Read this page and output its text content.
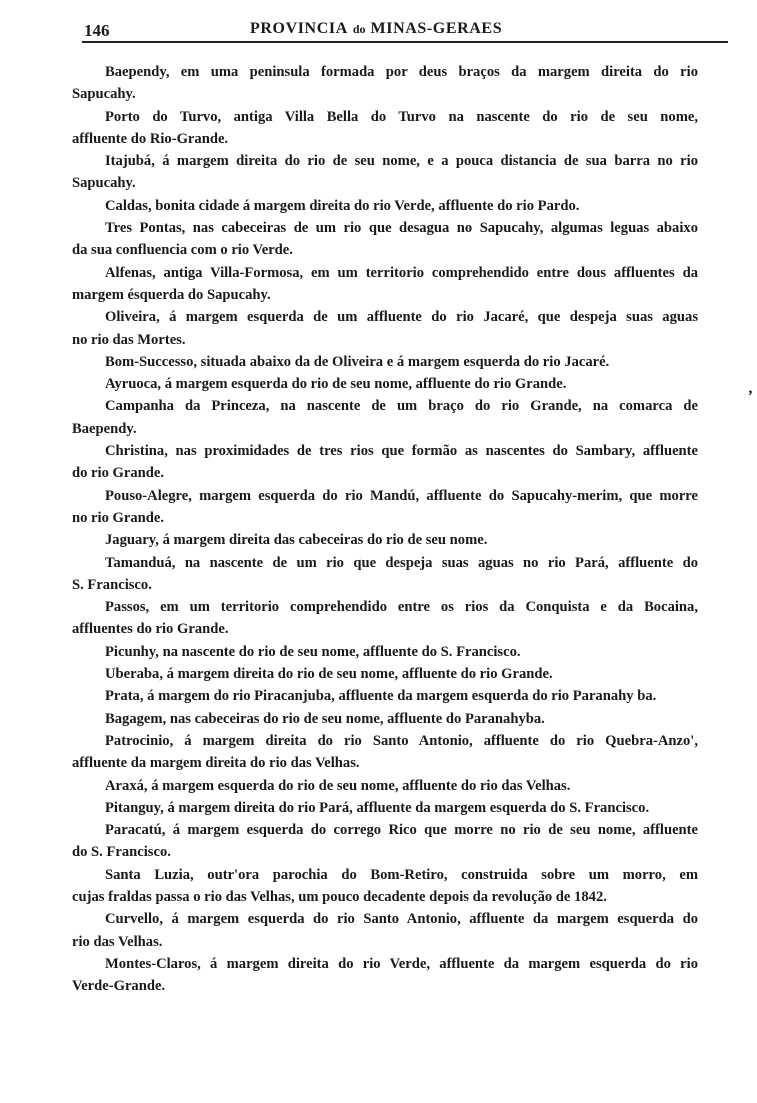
146	PROVINCIA do MINAS-GERAES
Baependy, em uma peninsula formada por deus braços da margem direita do rio
Sapucahy.
Porto do Turvo, antiga Villa Bella do Turvo na nascente do rio de seu nome,
affluente do Rio-Grande.
Itajubá, á margem direita do rio de seu nome, e a pouca distancia de sua barra no rio
Sapucahy.
Caldas, bonita cidade á margem direita do rio Verde, affluente do rio Pardo.
Tres Pontas, nas cabeceiras de um rio que desagua no Sapucahy, algumas leguas abaixo
da sua confluencia com o rio Verde.
Alfenas, antiga Villa-Formosa, em um territorio comprehendido entre dous affluentes da
margem ésquerda do Sapucahy.
Oliveira, á margem esquerda de um affluente do rio Jacaré, que despeja suas aguas
no rio das Mortes.
Bom-Successo, situada abaixo da de Oliveira e á margem esquerda do rio Jacaré.
Ayruoca, á margem esquerda do rio de seu nome, affluente do rio Grande.
Campanha da Princeza, na nascente de um braço do rio Grande, na comarca de
Baependy.
Christina, nas proximidades de tres rios que formão as nascentes do Sambary, affluente
do rio Grande.
Pouso-Alegre, margem esquerda do rio Mandú, affluente do Sapucahy-merim, que morre
no rio Grande.
Jaguary, á margem direita das cabeceiras do rio de seu nome.
Tamanduá, na nascente de um rio que despeja suas aguas no rio Pará, affluente do
S. Francisco.
Passos, em um territorio comprehendido entre os rios da Conquista e da Bocaina,
affluentes do rio Grande.
Picunhy, na nascente do rio de seu nome, affluente do S. Francisco.
Uberaba, á margem direita do rio de seu nome, affluente do rio Grande.
Prata, á margem do rio Piracanjuba, affluente da margem esquerda do rio Paranahy ba.
Bagagem, nas cabeceiras do rio de seu nome, affluente do Paranahyba.
Patrocinio, á margem direita do rio Santo Antonio, affluente do rio Quebra-Anzo',
affluente da margem direita do rio das Velhas.
Araxá, á margem esquerda do rio de seu nome, affluente do rio das Velhas.
Pitanguy, á margem direita do rio Pará, affluente da margem esquerda do S. Francisco.
Paracatú, á margem esquerda do corrego Rico que morre no rio de seu nome, affluente
do S. Francisco.
Santa Luzia, outr'ora parochia do Bom-Retiro, construida sobre um morro, em
cujas fraldas passa o rio das Velhas, um pouco decadente depois da revolução de 1842.
Curvello, á margem esquerda do rio Santo Antonio, affluente da margem esquerda do
rio das Velhas.
Montes-Claros, á margem direita do rio Verde, affluente da margem esquerda do rio
Verde-Grande.
’
